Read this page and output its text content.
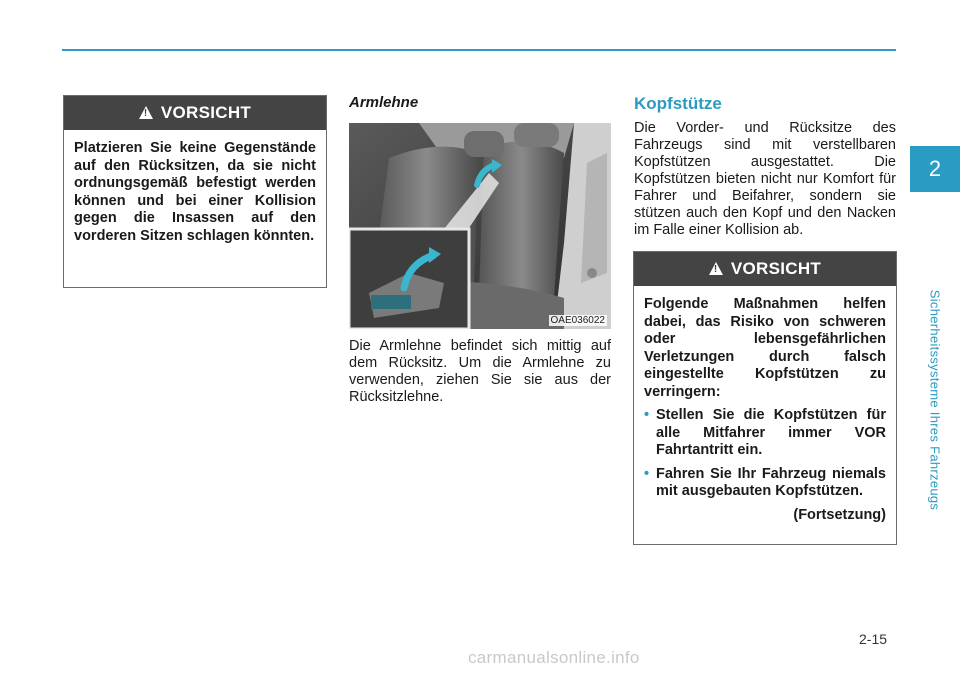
2
Sicherheitssysteme Ihres Fahrzeugs
!
VORSICHT
Platzieren Sie keine Gegenstände auf den Rücksitzen, da sie nicht ordnungsgemäß befestigt werden können und bei einer Kollision gegen die Insassen auf den vorderen Sitzen schlagen könnten.
Armlehne
OAE036022
Die Armlehne befindet sich mittig auf dem Rücksitz. Um die Armlehne zu verwenden, ziehen Sie sie aus der Rücksitzlehne.
Kopfstütze
Die Vorder- und Rücksitze des Fahrzeugs sind mit verstellbaren Kopfstützen ausgestattet. Die Kopfstützen bieten nicht nur Komfort für Fahrer und Beifahrer, sondern sie stützen auch den Kopf und den Nacken im Falle einer Kollision ab.
!
VORSICHT
Folgende Maßnahmen helfen dabei, das Risiko von schweren oder lebensgefährlichen Verletzungen durch falsch eingestellte Kopfstützen zu verringern:
• Stellen Sie die Kopfstützen für alle Mitfahrer immer VOR Fahrtantritt ein.
• Fahren Sie Ihr Fahrzeug niemals mit ausgebauten Kopfstützen.
(Fortsetzung)
2-15
carmanualsonline.info
